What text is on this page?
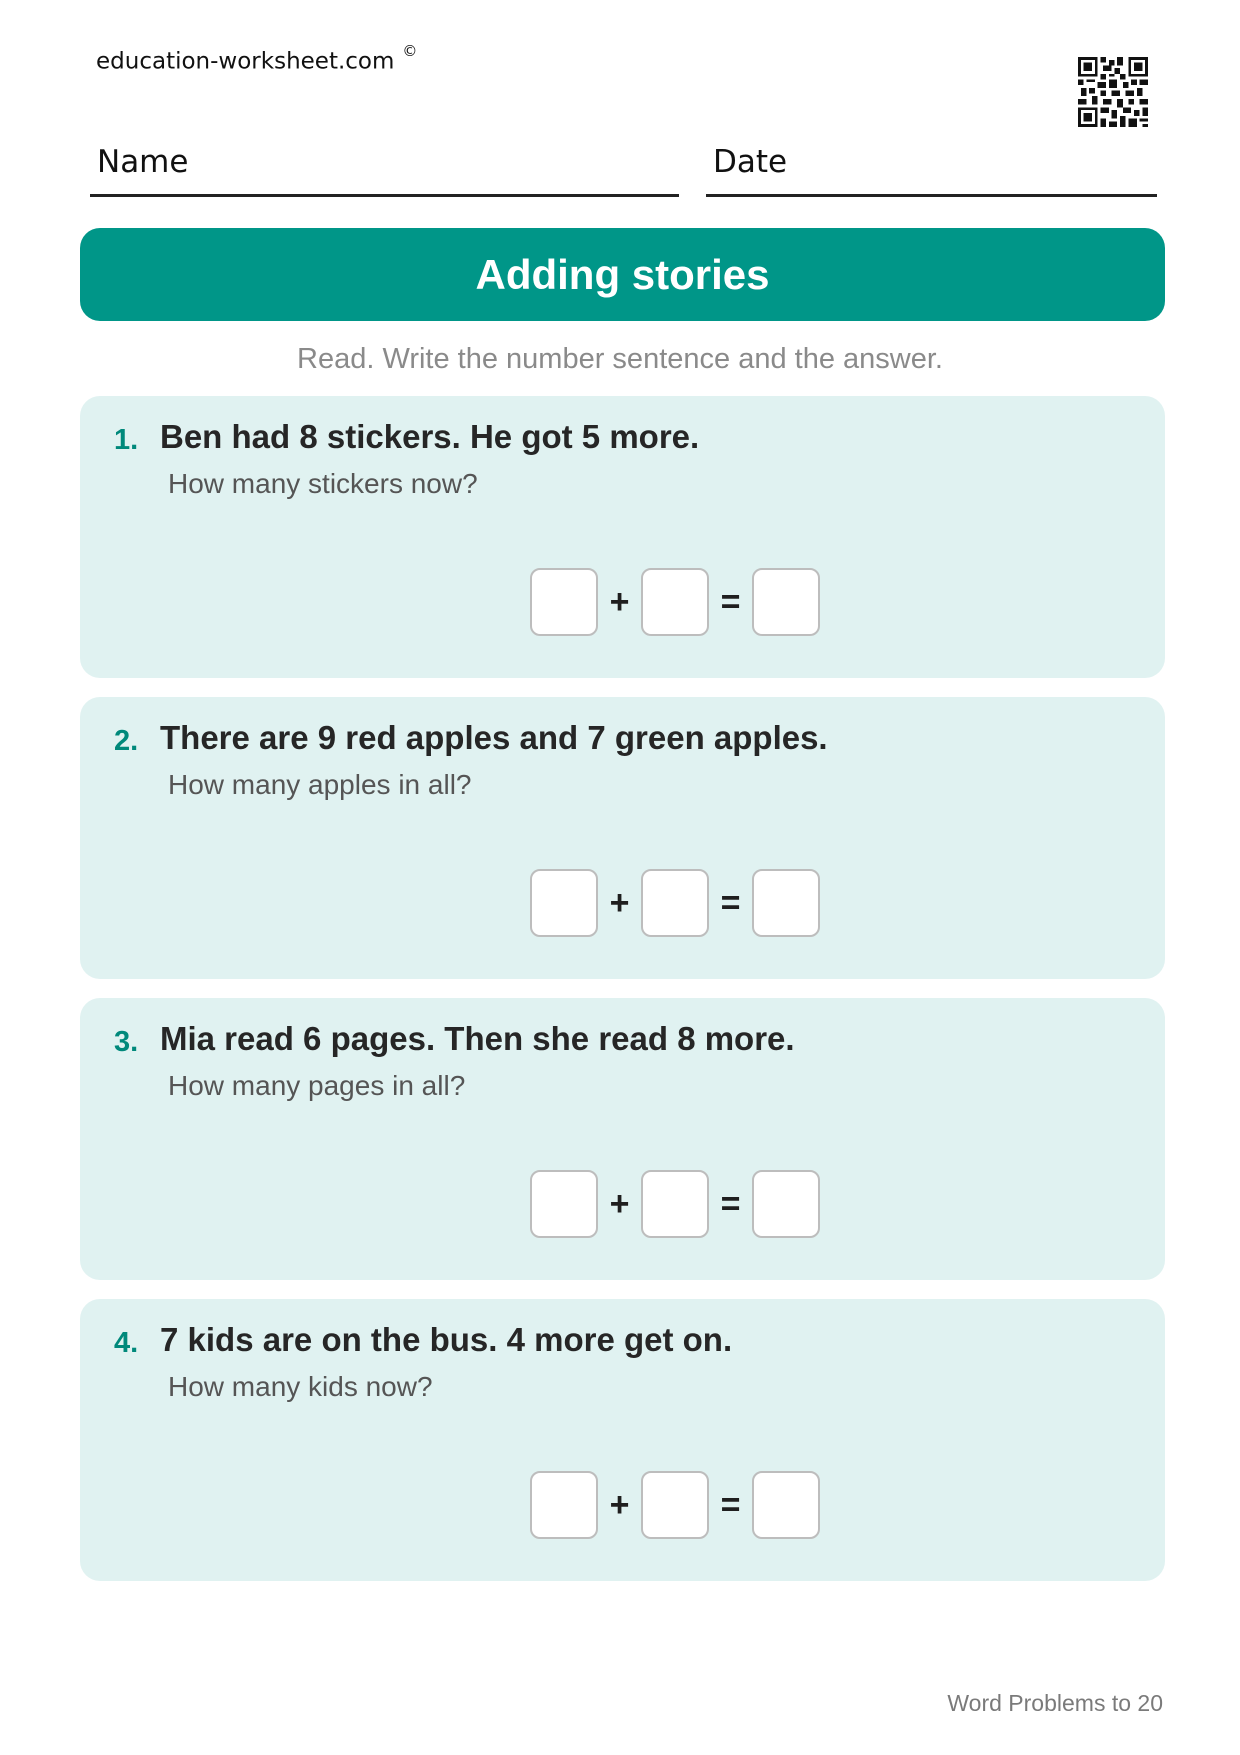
education-worksheet.com ©
Name	Date
Adding stories
Read. Write the number sentence and the answer.
1. Ben had 8 stickers. He got 5 more.
How many stickers now?
+	=
2. There are 9 red apples and 7 green apples.
How many apples in all?
+	=
3. Mia read 6 pages. Then she read 8 more.
How many pages in all?
+	=
4. 7 kids are on the bus. 4 more get on.
How many kids now?
+	=
Word Problems to 20
